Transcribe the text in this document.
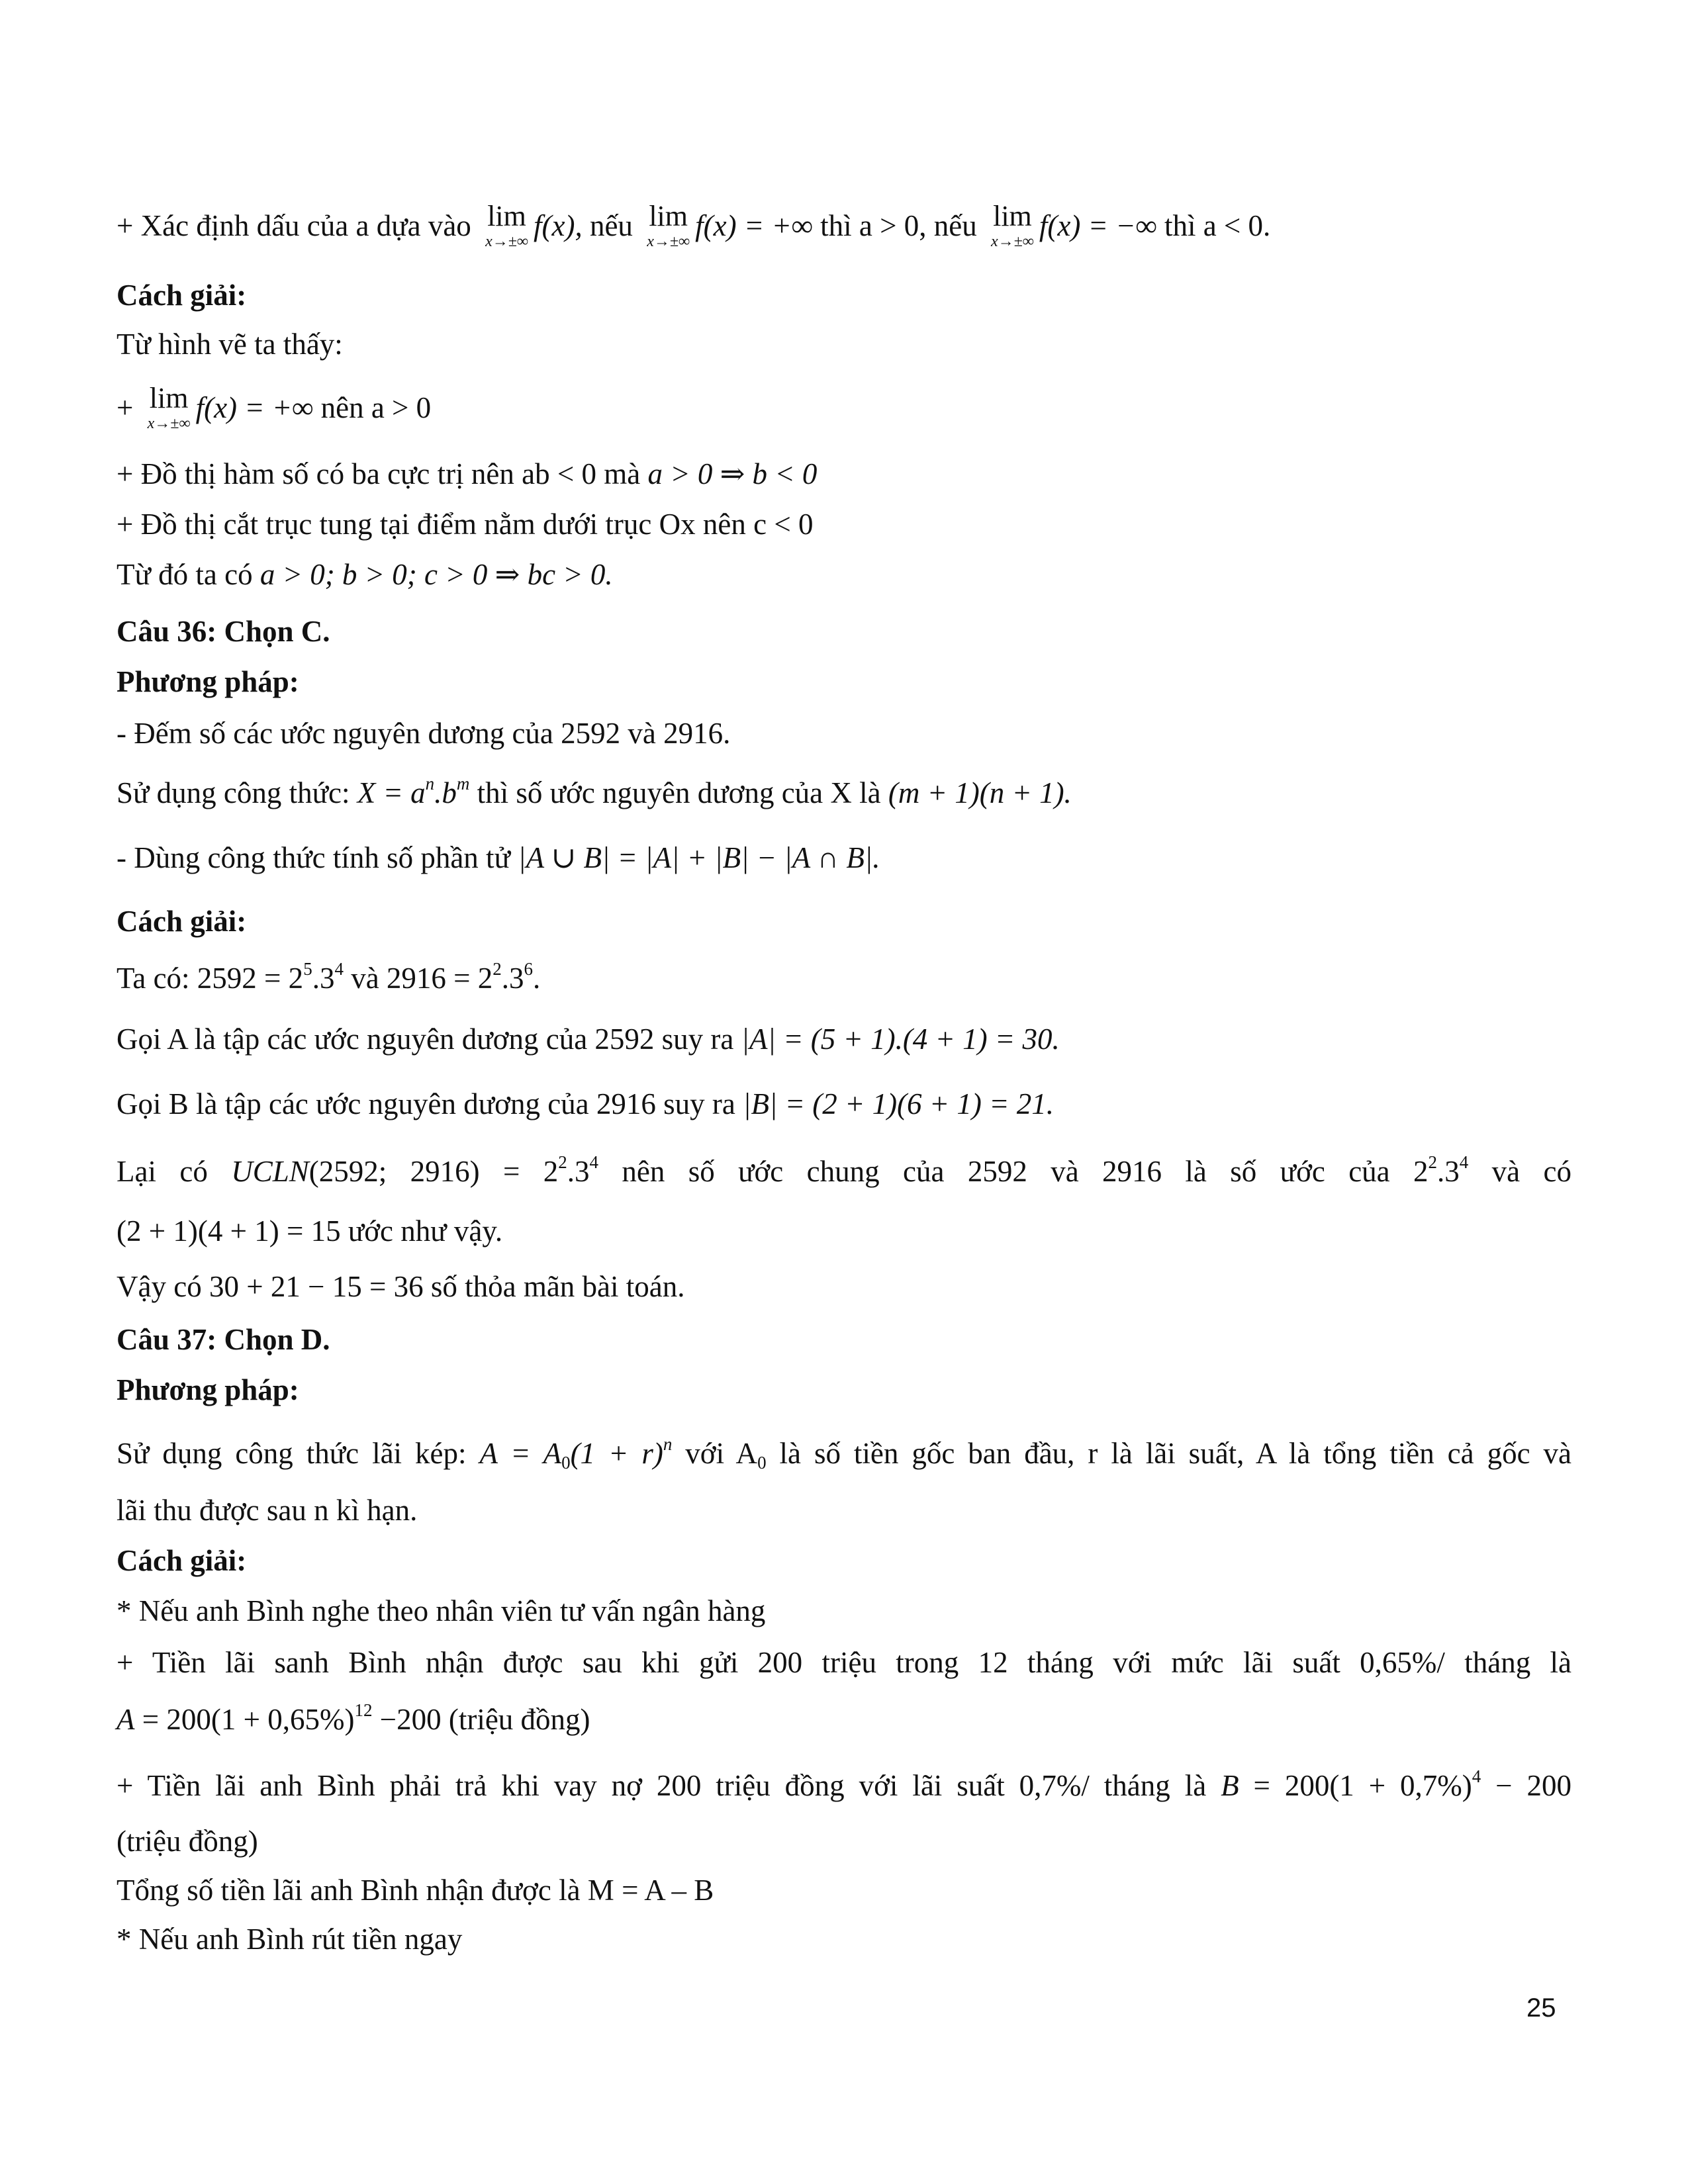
+ Xác định dấu của a dựa vào lim
x→±∞ f(x), nếu lim
x→±∞ f(x) = +∞ thì a > 0, nếu lim
x→±∞ f(x) = −∞ thì a < 0.
Cách giải:
Từ hình vẽ ta thấy:
+ lim
x→±∞ f(x) = +∞ nên a > 0
+ Đồ thị hàm số có ba cực trị nên ab < 0 mà a > 0 ⇒ b < 0
+ Đồ thị cắt trục tung tại điểm nằm dưới trục Ox nên c < 0
Từ đó ta có a > 0; b > 0; c > 0 ⇒ bc > 0.
Câu 36: Chọn C.
Phương pháp:
- Đếm số các ước nguyên dương của 2592 và 2916.
Sử dụng công thức: $X = a^n.b^m$ thì số ước nguyên dương của X là (m + 1)(n + 1).
- Dùng công thức tính số phần tử |A ∪ B| = |A| + |B| − |A ∩ B|.
Cách giải:
Ta có: $2592 = 2^5.3^4$ và $2916 = 2^2.3^6$.
Gọi A là tập các ước nguyên dương của 2592 suy ra |A| = (5 + 1).(4 + 1) = 30.
Gọi B là tập các ước nguyên dương của 2916 suy ra |B| = (2 + 1)(6 + 1) = 21.
Lại có UCLN(2592; $2916) = 2^2.3^4$ nên số ước chung của 2592 và 2916 là số ước của $2^2.3^4$ và có
(2 + 1)(4 + 1) = 15 ước như vậy.
Vậy có 30 + 21 − 15 = 36 số thỏa mãn bài toán.
Câu 37: Chọn D.
Phương pháp:
Sử dụng công thức lãi kép: $A = A_0(1 + r)^n$ với $A_0$ là số tiền gốc ban đầu, r là lãi suất, A là tổng tiền cả gốc và
lãi thu được sau n kì hạn.
Cách giải:
* Nếu anh Bình nghe theo nhân viên tư vấn ngân hàng
+ Tiền lãi sanh Bình nhận được sau khi gửi 200 triệu trong 12 tháng với mức lãi suất 0,65%/ tháng là
$A = 200(1 + 0,65\%)^{12} -200$ (triệu đồng)
+ Tiền lãi anh Bình phải trả khi vay nợ 200 triệu đồng với lãi suất 0,7%/ tháng là $B = 200(1 + 0,7\%)^4 - 200$
(triệu đồng)
Tổng số tiền lãi anh Bình nhận được là M = A – B
* Nếu anh Bình rút tiền ngay
25
